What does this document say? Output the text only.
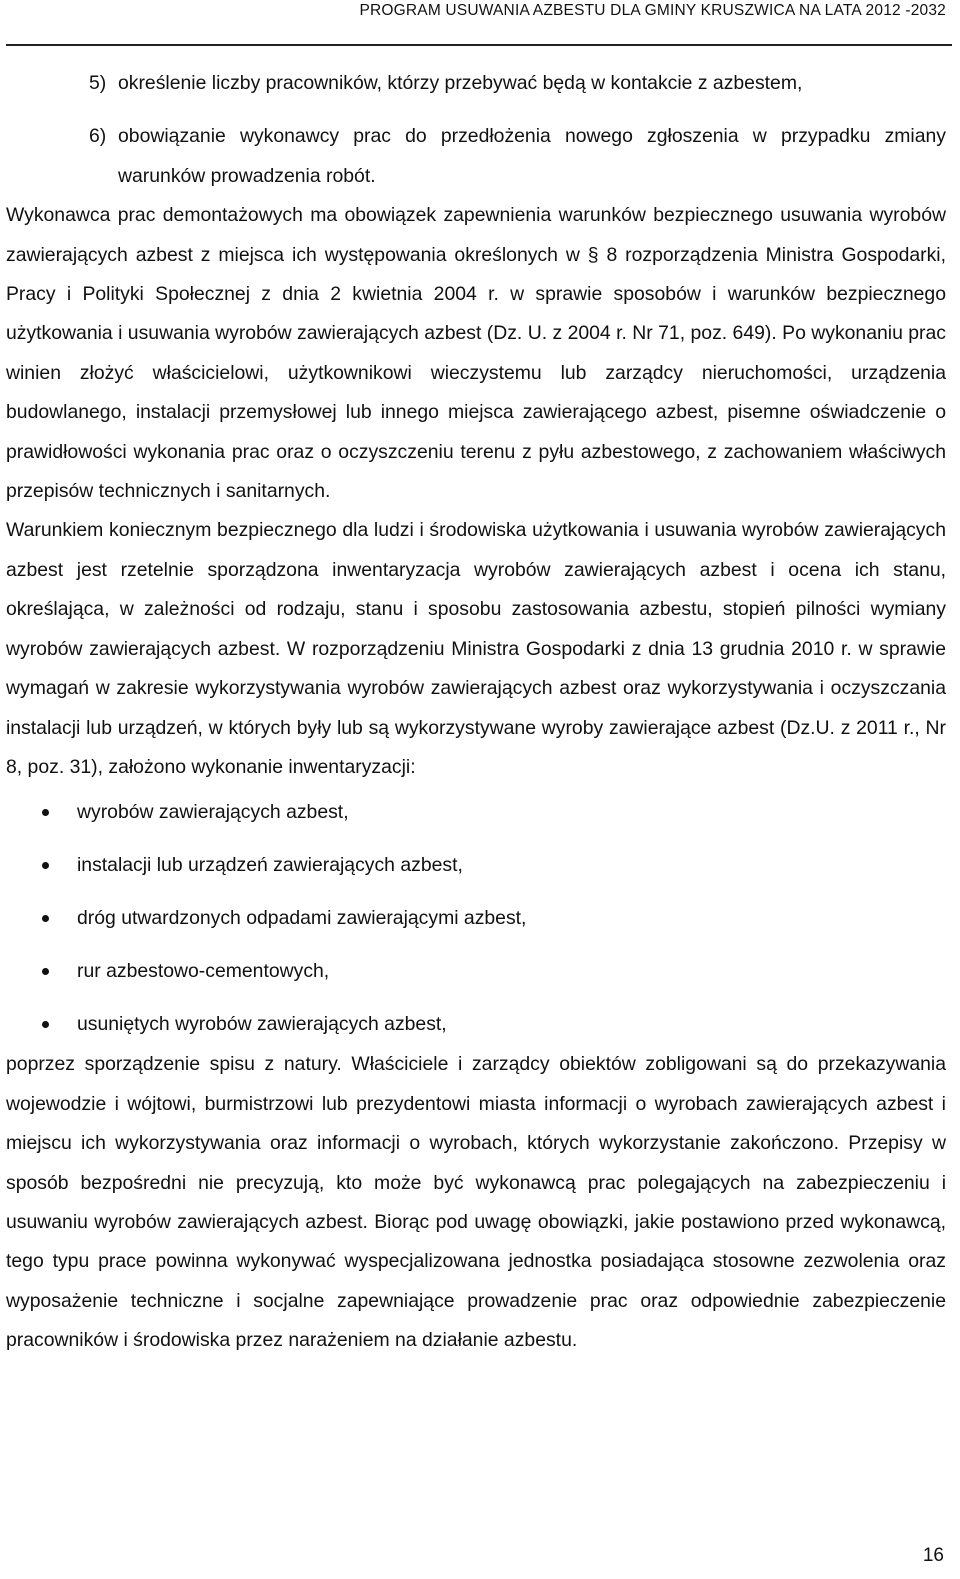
PROGRAM USUWANIA AZBESTU DLA GMINY KRUSZWICA NA LATA 2012 -2032

5) określenie liczby pracowników, którzy przebywać będą w kontakcie z azbestem,

6) obowiązanie wykonawcy prac do przedłożenia nowego zgłoszenia w przypadku zmiany warunków prowadzenia robót.

Wykonawca prac demontażowych ma obowiązek zapewnienia warunków bezpiecznego usuwania wyrobów zawierających azbest z miejsca ich występowania określonych w § 8 rozporządzenia Ministra Gospodarki, Pracy i Polityki Społecznej z dnia 2 kwietnia 2004 r. w sprawie sposobów i warunków bezpiecznego użytkowania i usuwania wyrobów zawierających azbest (Dz. U. z 2004 r. Nr 71, poz. 649). Po wykonaniu prac winien złożyć właścicielowi, użytkownikowi wieczystemu lub zarządcy nieruchomości, urządzenia budowlanego, instalacji przemysłowej lub innego miejsca zawierającego azbest, pisemne oświadczenie o prawidłowości wykonania prac oraz o oczyszczeniu terenu z pyłu azbestowego, z zachowaniem właściwych przepisów technicznych i sanitarnych.

Warunkiem koniecznym bezpiecznego dla ludzi i środowiska użytkowania i usuwania wyrobów zawierających azbest jest rzetelnie sporządzona inwentaryzacja wyrobów zawierających azbest i ocena ich stanu, określająca, w zależności od rodzaju, stanu i sposobu zastosowania azbestu, stopień pilności wymiany wyrobów zawierających azbest. W rozporządzeniu Ministra Gospodarki z dnia 13 grudnia 2010 r. w sprawie wymagań w zakresie wykorzystywania wyrobów zawierających azbest oraz wykorzystywania i oczyszczania instalacji lub urządzeń, w których były lub są wykorzystywane wyroby zawierające azbest (Dz.U. z 2011 r., Nr 8, poz. 31), założono wykonanie inwentaryzacji:

wyrobów zawierających azbest,
instalacji lub urządzeń zawierających azbest,
dróg utwardzonych odpadami zawierającymi azbest,
rur azbestowo-cementowych,
usuniętych wyrobów zawierających azbest,

poprzez sporządzenie spisu z natury. Właściciele i zarządcy obiektów zobligowani są do przekazywania wojewodzie i wójtowi, burmistrzowi lub prezydentowi miasta informacji o wyrobach zawierających azbest i miejscu ich wykorzystywania oraz informacji o wyrobach, których wykorzystanie zakończono. Przepisy w sposób bezpośredni nie precyzują, kto może być wykonawcą prac polegających na zabezpieczeniu i usuwaniu wyrobów zawierających azbest. Biorąc pod uwagę obowiązki, jakie postawiono przed wykonawcą, tego typu prace powinna wykonywać wyspecjalizowana jednostka posiadająca stosowne zezwolenia oraz wyposażenie techniczne i socjalne zapewniające prowadzenie prac oraz odpowiednie zabezpieczenie pracowników i środowiska przez narażeniem na działanie azbestu.

16
